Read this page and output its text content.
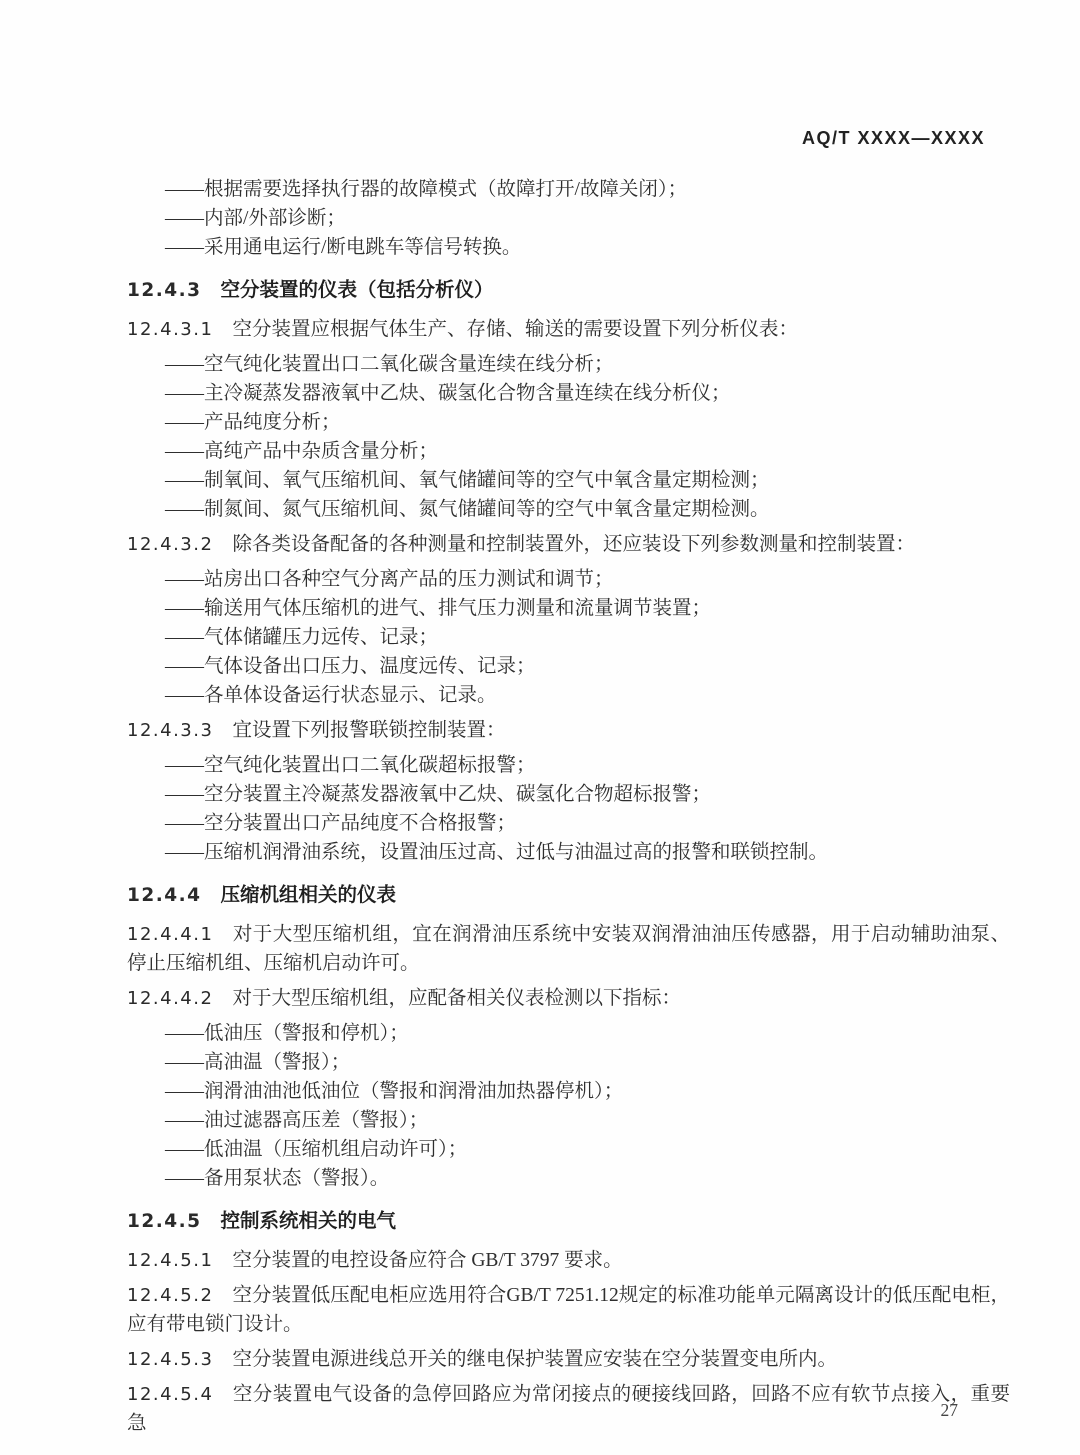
AQ/T XXXX—XXXX

——根据需要选择执行器的故障模式（故障打开/故障关闭）；

——内部/外部诊断；

——采用通电运行/断电跳车等信号转换。

12.4.3 空分装置的仪表（包括分析仪）

12.4.3.1 空分装置应根据气体生产、存储、输送的需要设置下列分析仪表：

——空气纯化装置出口二氧化碳含量连续在线分析；

——主冷凝蒸发器液氧中乙炔、碳氢化合物含量连续在线分析仪；

——产品纯度分析；

——高纯产品中杂质含量分析；

——制氧间、氧气压缩机间、氧气储罐间等的空气中氧含量定期检测；

——制氮间、氮气压缩机间、氮气储罐间等的空气中氧含量定期检测。

12.4.3.2 除各类设备配备的各种测量和控制装置外，还应装设下列参数测量和控制装置：

——站房出口各种空气分离产品的压力测试和调节；

——输送用气体压缩机的进气、排气压力测量和流量调节装置；

——气体储罐压力远传、记录；

——气体设备出口压力、温度远传、记录；

——各单体设备运行状态显示、记录。

12.4.3.3 宜设置下列报警联锁控制装置：

——空气纯化装置出口二氧化碳超标报警；

——空分装置主冷凝蒸发器液氧中乙炔、碳氢化合物超标报警；

——空分装置出口产品纯度不合格报警；

——压缩机润滑油系统，设置油压过高、过低与油温过高的报警和联锁控制。

12.4.4 压缩机组相关的仪表

12.4.4.1 对于大型压缩机组，宜在润滑油压系统中安装双润滑油油压传感器，用于启动辅助油泵、停止压缩机组、压缩机启动许可。

12.4.4.2 对于大型压缩机组，应配备相关仪表检测以下指标：

——低油压（警报和停机）；

——高油温（警报）；

——润滑油油池低油位（警报和润滑油加热器停机）；

——油过滤器高压差（警报）；

——低油温（压缩机组启动许可）；

——备用泵状态（警报）。

12.4.5 控制系统相关的电气

12.4.5.1 空分装置的电控设备应符合 GB/T 3797 要求。

12.4.5.2 空分装置低压配电柜应选用符合GB/T 7251.12规定的标准功能单元隔离设计的低压配电柜，应有带电锁门设计。

12.4.5.3 空分装置电源进线总开关的继电保护装置应安装在空分装置变电所内。

12.4.5.4 空分装置电气设备的急停回路应为常闭接点的硬接线回路，回路不应有软节点接入，重要急

27
